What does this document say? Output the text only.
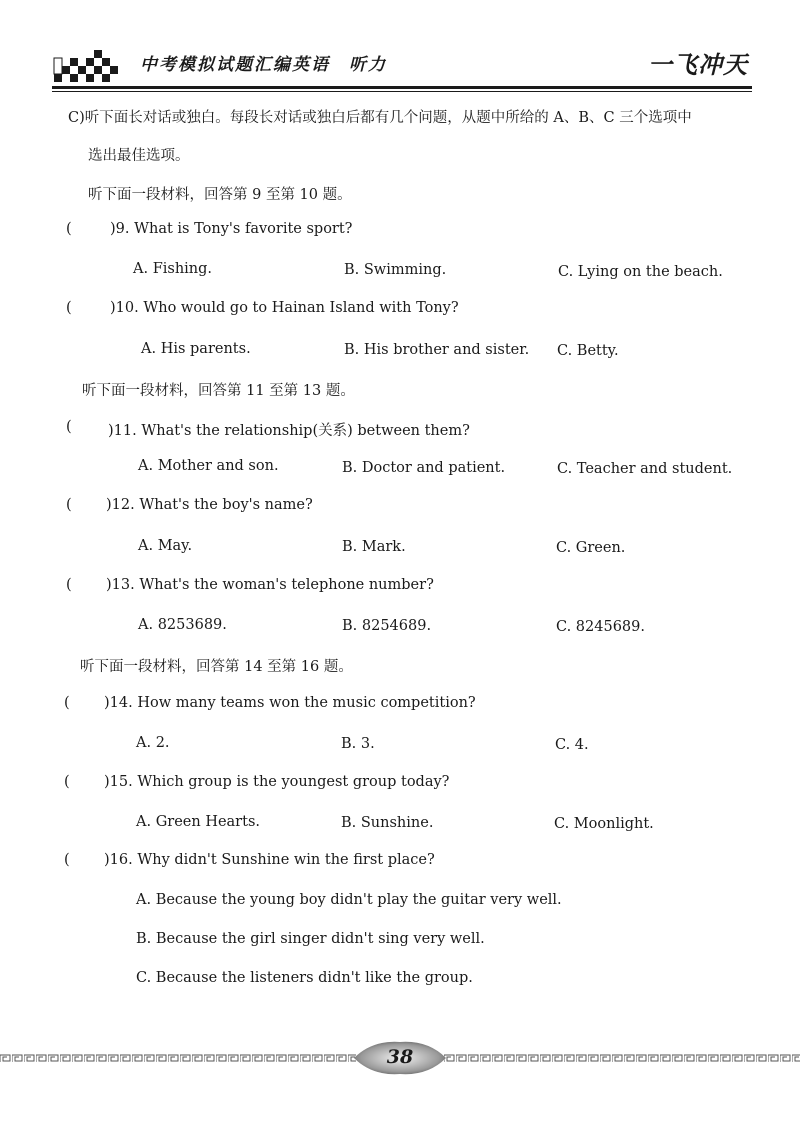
中考模拟试题汇编英语　听力	一飞冲天
C)听下面长对话或独白。每段长对话或独白后都有几个问题，从题中所给的 A、B、C 三个选项中
选出最佳选项。
听下面一段材料，回答第 9 至第 10 题。
(	)9. What is Tony's favorite sport?
A. Fishing.	B. Swimming.	C. Lying on the beach.
(	)10. Who would go to Hainan Island with Tony?
A. His parents.	B. His brother and sister. C. Betty.
听下面一段材料，回答第 11 至第 13 题。
(	)11. What's the relationship(关系) between them?
A. Mother and son.	B. Doctor and patient.	C. Teacher and student.
( )12. What's the boy's name?
A. May.	B. Mark.	C. Green.
( )13. What's the woman's telephone number?
A. 8253689.	B. 8254689.	C. 8245689.
听下面一段材料，回答第 14 至第 16 题。
( )14. How many teams won the music competition?
A. 2.	B. 3.	C. 4.
( )15. Which group is the youngest group today?
A. Green Hearts.	B. Sunshine.	C. Moonlight.
( )16. Why didn't Sunshine win the first place?
A. Because the young boy didn't play the guitar very well.
B. Because the girl singer didn't sing very well.
C. Because the listeners didn't like the group.
38
